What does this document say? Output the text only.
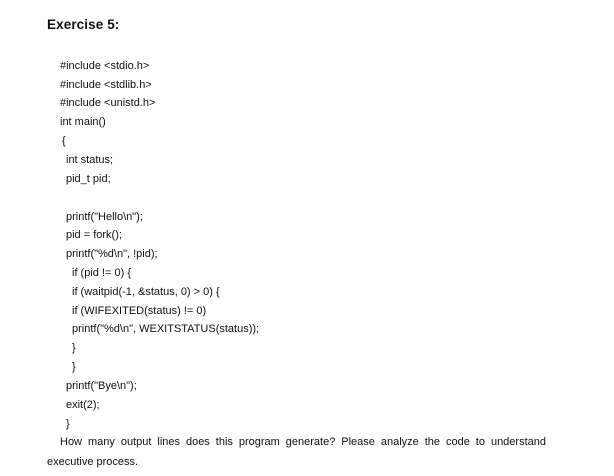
Exercise 5:
#include <stdio.h>
#include <stdlib.h>
#include <unistd.h>
int main()
{
int status;
pid_t pid;
printf("Hello\n");
pid = fork();
printf("%d\n", !pid);
if (pid != 0) {
if (waitpid(-1, &status, 0) > 0) {
if (WIFEXITED(status) != 0)
printf("%d\n", WEXITSTATUS(status));
}
}
printf("Bye\n");
exit(2);
}
How many output lines does this program generate? Please analyze the code to understand
executive process.
